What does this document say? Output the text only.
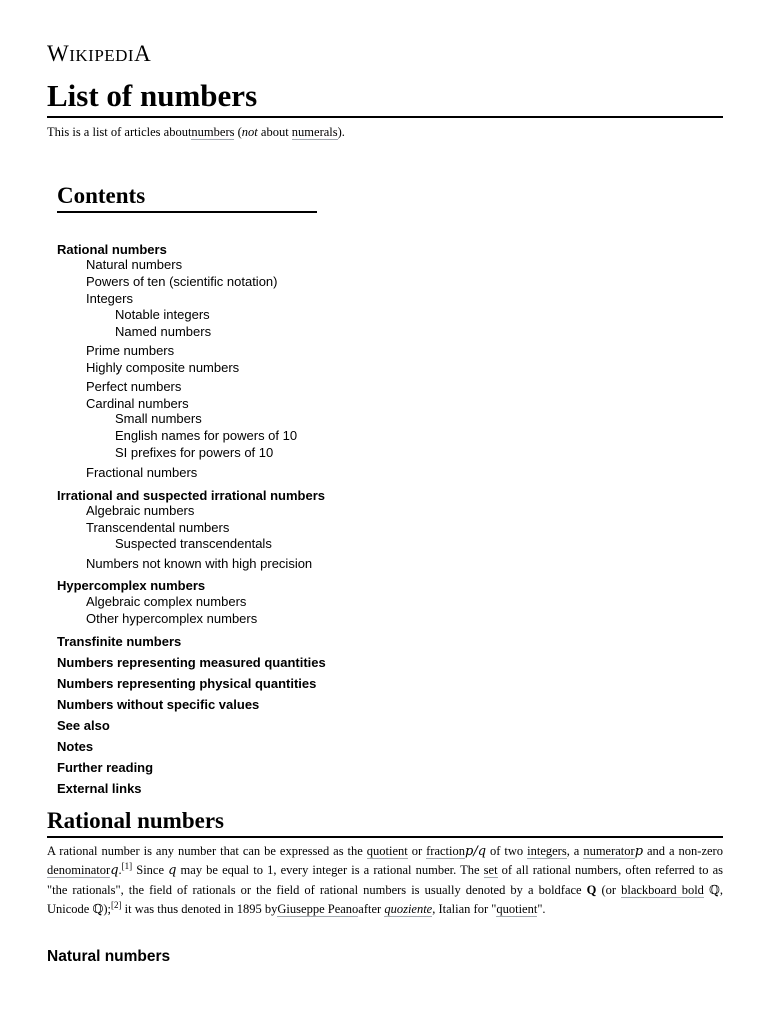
WIKIPEDIA
List of numbers
This is a list of articles aboutnumbers (not about numerals).
Contents
Rational numbers
Natural numbers
Powers of ten (scientific notation)
Integers
Notable integers
Named numbers
Prime numbers
Highly composite numbers
Perfect numbers
Cardinal numbers
Small numbers
English names for powers of 10
SI prefixes for powers of 10
Fractional numbers
Irrational and suspected irrational numbers
Algebraic numbers
Transcendental numbers
Suspected transcendentals
Numbers not known with high precision
Hypercomplex numbers
Algebraic complex numbers
Other hypercomplex numbers
Transfinite numbers
Numbers representing measured quantities
Numbers representing physical quantities
Numbers without specific values
See also
Notes
Further reading
External links
Rational numbers
A rational number is any number that can be expressed as the quotient or fractionp/q of two integers, a numeratorp and a non-zero denominatorq.[1] Since q may be equal to 1, every integer is a rational number. The set of all rational numbers, often referred to as "the rationals", the field of rationals or the field of rational numbers is usually denoted by a boldface Q (or blackboard bold ℚ, Unicode ℚ);[2] it was thus denoted in 1895 byGiuseppe Peanoafter quoziente, Italian for "quotient".
Natural numbers
